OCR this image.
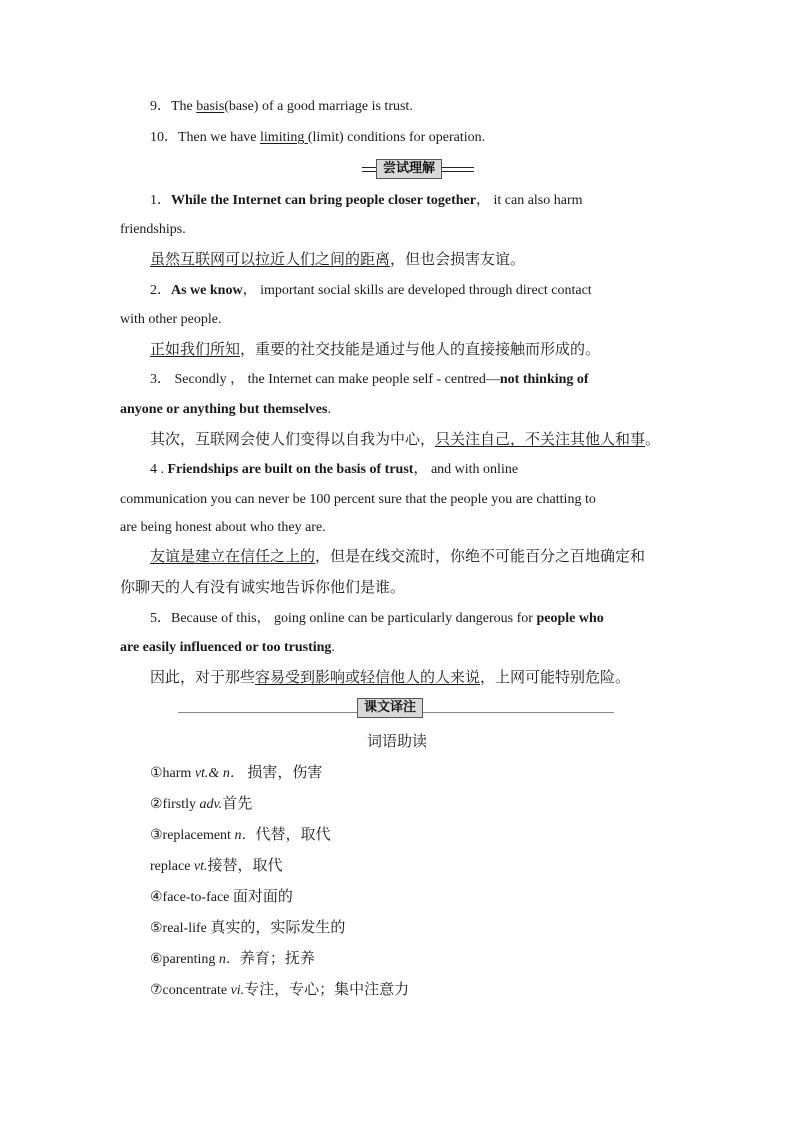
9．The basis(base) of a good marriage is trust.
10．Then we have limiting (limit) conditions for operation.
尝试理解
1．While the Internet can bring people closer together， it can also harm
friendships.
虽然互联网可以拉近人们之间的距离，但也会损害友谊。
2．As we know， important social skills are developed through direct contact
with other people.
正如我们所知，重要的社交技能是通过与他人的直接接触而形成的。
3． Secondly ， the Internet can make people self - centred—not thinking of
anyone or anything but themselves.
其次，互联网会使人们变得以自我为中心，只关注自己，不关注其他人和事。
4 . Friendships are built on the basis of trust， and with online
communication you can never be 100 percent sure that the people you are chatting to
are being honest about who they are.
友谊是建立在信任之上的，但是在线交流时，你绝不可能百分之百地确定和
你聊天的人有没有诚实地告诉你他们是谁。
5．Because of this， going online can be particularly dangerous for people who
are easily influenced or too trusting.
因此，对于那些容易受到影响或轻信他人的人来说，上网可能特别危险。
课文译注
词语助读
①harm vt.& n． 损害，伤害
②firstly adv.首先
③replacement n．代替，取代
replace vt.接替，取代
④face-to-face 面对面的
⑤real-life 真实的，实际发生的
⑥parenting n．养育；抚养
⑦concentrate vi.专注，专心；集中注意力
